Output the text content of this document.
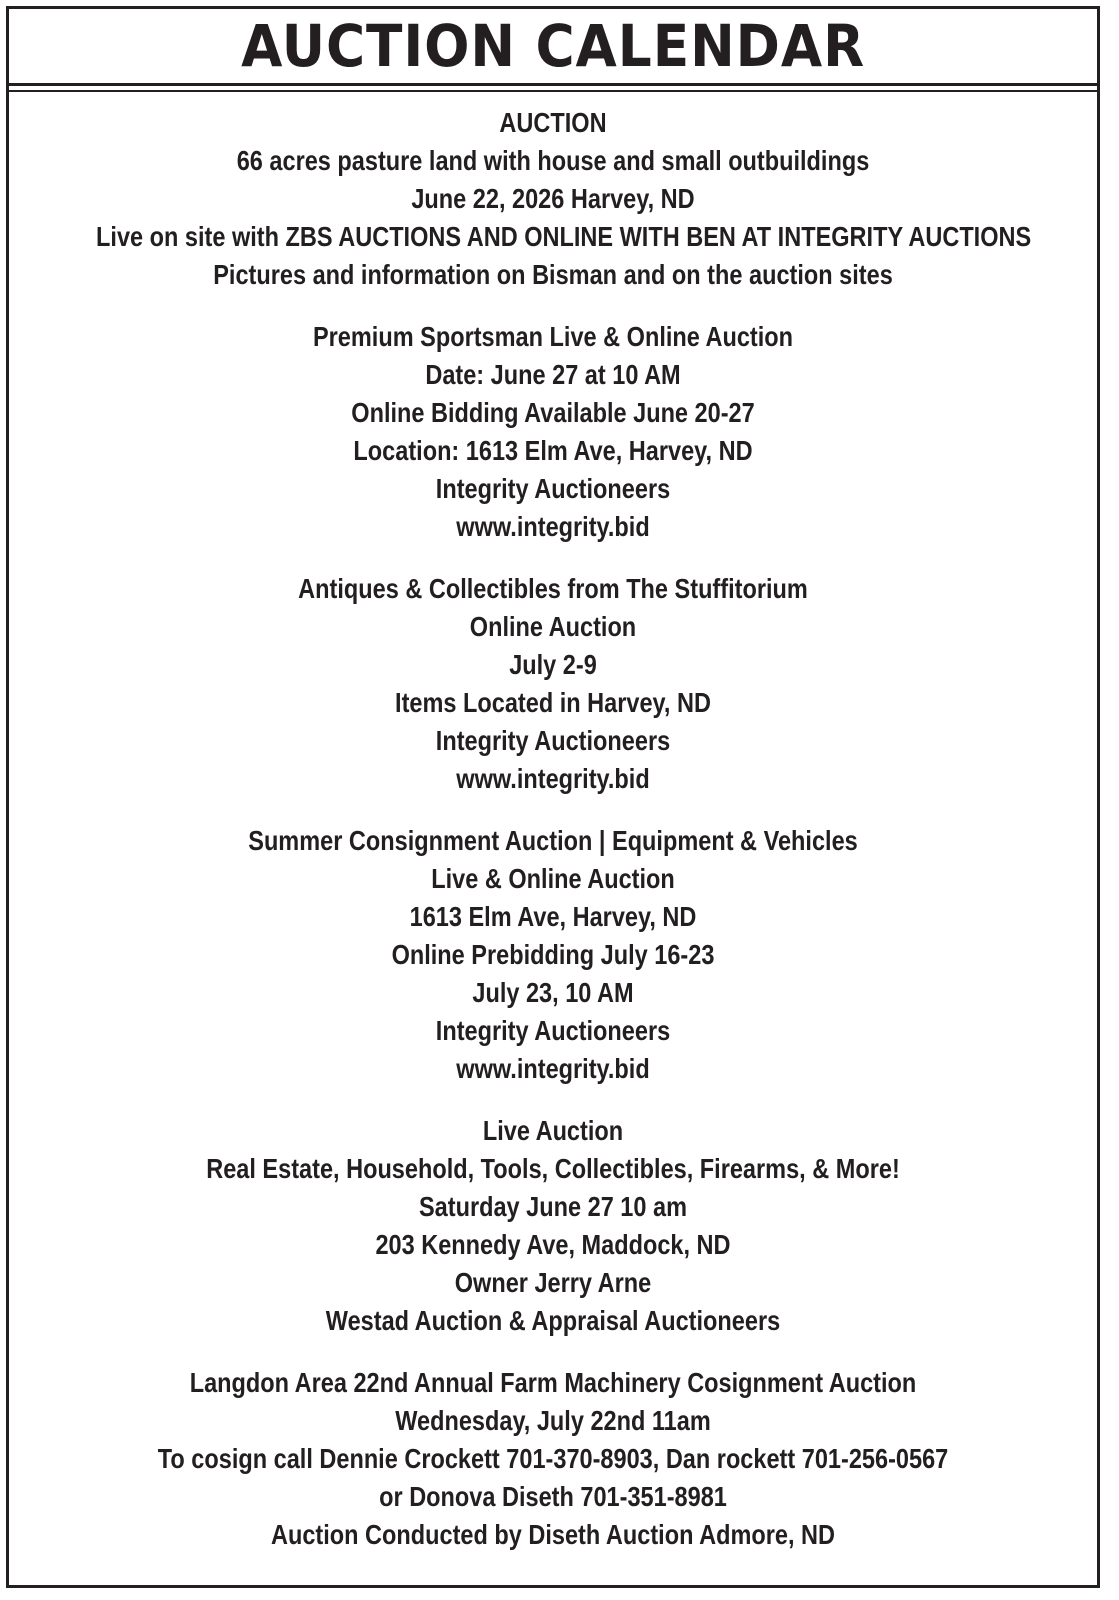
AUCTION CALENDAR
AUCTION
66 acres pasture land with house and small outbuildings
June 22, 2026 Harvey, ND
Live on site with ZBS AUCTIONS AND ONLINE WITH BEN AT INTEGRITY AUCTIONS
Pictures and information on Bisman and on the auction sites
Premium Sportsman Live & Online Auction
Date: June 27 at 10 AM
Online Bidding Available June 20-27
Location: 1613 Elm Ave, Harvey, ND
Integrity Auctioneers
www.integrity.bid
Antiques & Collectibles from The Stuffitorium
Online Auction
July 2-9
Items Located in Harvey, ND
Integrity Auctioneers
www.integrity.bid
Summer Consignment Auction | Equipment & Vehicles
Live & Online Auction
1613 Elm Ave, Harvey, ND
Online Prebidding July 16-23
July 23, 10 AM
Integrity Auctioneers
www.integrity.bid
Live Auction
Real Estate, Household, Tools, Collectibles, Firearms, & More!
Saturday June 27 10 am
203 Kennedy Ave, Maddock, ND
Owner Jerry Arne
Westad Auction & Appraisal Auctioneers
Langdon Area 22nd Annual Farm Machinery Cosignment Auction
Wednesday, July 22nd 11am
To cosign call Dennie Crockett 701-370-8903, Dan rockett 701-256-0567
or Donova Diseth 701-351-8981
Auction Conducted by Diseth Auction Admore, ND
